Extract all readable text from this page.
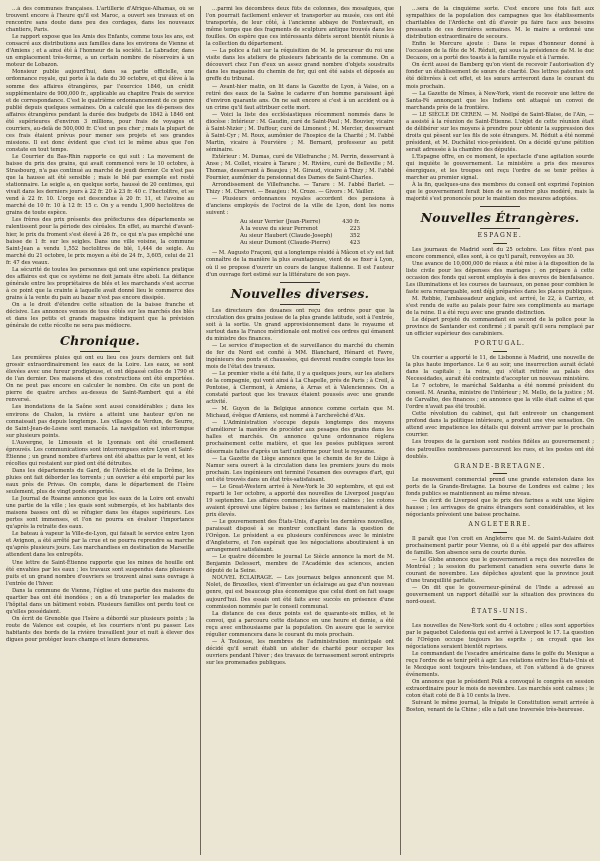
…à des communes françaises. L'artillerie d'Afrique-Alhamas, où se trouvent encore à l'heure qu'il est Maroc, a ouvert ses travaux et on rencontre sans doute dans peu des cordages, dans les nouveaux chantiers, Paris.

Le rapport expose que les Amis des Enfants, comme tous les ans, est consacré aux distributions aux familles dans les environs de Vienne et d'Amiens ; et a ainsi été à l'honneur de la société. Le Labrador, dans un emplacement très-ferme, a un certain nombre de réservoirs à un moteur de Lobazon.

Monsieur publie aujourd'hui, dans sa partie officielle, une ordonnance royale, qui porte à la date du 30 octobre, et qui élève à la somme des affaires étrangères, par l'exercice 1846, un crédit supplémentaire de 900,000 fr., applicable au chapitre Frais de service et de correspondance. C'est le quatrième ordonnancement de ce genre publié depuis quelques semaines. On a calculé que les dé-penses des affaires étrangères pendant la durée des budgets de 1842 à 1846 ont été supérieures d'environ 3 millions, pour frais de voyages et courriers, au-delà de 500,000 fr. C'est un peu cher ; mais la plupart de ces frais étaient prévus pour mener ses projets et ses grandes missions. Il est donc évident que c'est ici le même abus que l'on constate en tout temps.

Le Courrier du Bas-Rhin rapporte ce qui suit : La movement de baisse du prix des grains, qui avait commencé vers le 10 octobre, à Strasbourg, n'a pas continué au marché de jeudi dernier. Ce n'est pas que la hausse ait été sensible ; mais le blé par exemple est resté stationnaire. Le seigle a, en quelque sorte, haussé de 20 centimes, qui vivait dans les derniers jours à 22 fr. 20 à 23 fr. 40 c. l'hectolitre, et se vend à 22 fr. 10. L'orge est descendue à 20 fr. 11, et l'avoine au marché de 10 fr. 10 à 12 fr. 15 c. On y a vendu 1,900 hectolitres de grains de toute espèce.

Les frères des prix présents des préfectures des départements se ralentissent pour la période des céréales. En effet, au marché d'avant-hier, le prix du froment s'est élevé à 26 fr., ce qui n'a pas empêché une baisse de 1 fr. sur les seigles. Dans une ville voisine, la commune Saint-Jean a vendu 1,552 hectolitres de blé, 1,444 de seigle. Au marché du 21 octobre, le prix moyen a été de 24 fr., 3,605, celui de 21 fr. 47 des veaux.

La sécurité de toutes les personnes qui ont une expérience pratique des affaires est que ce système ne doit jamais être aboli. La défiance générale entre les propriétaires de blés et les marchands s'est accrue à ce point que la crainte à laquelle avait donné lieu le commerce des grains à la vente du pain au bazar n'est pas encore dissipée.

On a le droit d'étendre cette situation de la baisse franche et décisive. Les annonces venues de tous côtés sur les marchés des blés et dans les petits et grands magasins indiquent que la prévision générale de cette récolte ne sera pas médiocre.

Chronique.

Les premières pluies qui ont eu lieu ces jours derniers ont fait grossir extraordinairement les eaux de la Loire. Les eaux, se sont élevées avec une fureur prodigieuse, et ont dépassé celles de 1790 et de l'an dernier. Des maisons et des constructions ont été emportées. On ne peut pas encore en calculer le nombre. On cite un pont de pierre de quatre arches au-dessus de Saint-Rambert qui a été renversé.

Les inondations de la Saône sont aussi considérables ; dans les environs de Chalon, la rivière a atteint une hauteur qu'on ne connaissait pas depuis longtemps. Les villages de Verdun, de Seurre, de Saint-Jean-de-Losne sont menacés. La navigation est interrompue sur plusieurs points.

L'Auvergne, le Limousin et le Lyonnais ont été cruellement éprouvés. Les communications sont interrompues entre Lyon et Saint-Étienne ; un grand nombre d'arbres ont été abattus par le vent, et les récoltes qui restaient sur pied ont été détruites.

Dans les départements du Gard, de l'Ardèche et de la Drôme, les pluies ont fait déborder les torrents ; un ouvrier a été emporté par les eaux près de Privas. On compte, dans le département de l'Isère seulement, plus de vingt ponts emportés.

Le Journal de Roanne annonce que les eaux de la Loire ont envahi une partie de la ville ; les quais sont submergés, et les habitants des maisons basses ont dû se réfugier dans les étages supérieurs. Les pertes sont immenses, et l'on ne pourra en évaluer l'importance qu'après la retraite des eaux.

Le bateau à vapeur la Ville-de-Lyon, qui faisait le service entre Lyon et Avignon, a été arrêté par la crue et ne pourra reprendre sa marche qu'après plusieurs jours. Les marchandises en destination de Marseille attendent dans les entrepôts.

Une lettre de Saint-Étienne rapporte que les mines de houille ont été envahies par les eaux ; les travaux sont suspendus dans plusieurs puits et un grand nombre d'ouvriers se trouvent ainsi sans ouvrage à l'entrée de l'hiver.

Dans la commune de Vienne, l'église et une partie des maisons du quartier bas ont été inondées ; on a dû transporter les malades de l'hôpital dans un bâtiment voisin. Plusieurs familles ont perdu tout ce qu'elles possédaient.

On écrit de Grenoble que l'Isère a débordé sur plusieurs points ; la route de Valence est coupée, et les courriers n'ont pu passer. Les habitants des bords de la rivière travaillent jour et nuit à élever des digues pour protéger leurs champs et leurs demeures.

…parmi les décombres deux fûts de colonnes, des mosaïques, que l'on pourrait facilement enlever et transporter au musée, ces ont été transportés, de leur côté, à l'ancienne abbaye de Fontevrault, en même temps que des fragments de sculpture antique trouvés dans les fouilles. On espère que ces intéressants débris seront bientôt réunis à la collection du département.

— La police a fait sur la réquisition de M. le procureur du roi une visite dans les ateliers de plusieurs fabricants de la commune. On a découvert chez l'un d'eux un assez grand nombre d'objets soustraits dans les magasins du chemin de fer, qui ont été saisis et déposés au greffe du tribunal.

— Avant-hier matin, on lit dans la Gazette de Lyon, à Vaise, on a retiré des eaux de la Saône le cadavre d'un homme paraissant âgé d'environ quarante ans. On ne sait encore si c'est à un accident ou à un crime qu'il faut attribuer cette mort.

— Voici la liste des ecclésiastiques récemment nommés dans le diocèse : Intérieur : M. Gaudin, curé de Saint-Paul ; M. Bouvier, vicaire à Saint-Nizier ; M. Duffour, curé de Limonest ; M. Mercier, desservant à Saint-Cyr ; M. Roux, aumônier de l'hospice de la Charité ; M. l'abbé Martin, vicaire à Fourvière ; M. Bernard, professeur au petit séminaire.

Extérieur : M. Dumas, curé de Villefranche ; M. Perrin, desservant à Anse ; M. Collet, vicaire à Tarare ; M. Rivière, curé de Belleville ; M. Thomas, desservant à Beaujeu ; M. Giraud, vicaire à Thizy ; M. l'abbé Fournier, aumônier du pensionnat des Dames de Saint-Charles.

Arrondissement de Villefranche. — Tarare : M. l'abbé Barlet. — Thizy : M. Chervet. — Beaujeu : M. Croze. — Givors : M. Vailler.

— Plusieurs ordonnances royales accordent des pensions à d'anciens employés de l'octroi de la ville de Lyon, dont les noms suivent :

Au sieur Verrier (Jean-Pierre)	430 fr.
À la veuve du sieur Perrenot	223
Au sieur Haubert (Claude-Joseph)	352
Au sieur Dumont (Claude-Pierre)	423

— M. Augusto Fraçoni, qui a longtemps résidé à Mâcon et s'y est fait connaître de la manière la plus avantageuse, vient de se fixer à Lyon, où il se propose d'ouvrir un cours de langue italienne. Il est l'auteur d'un ouvrage fort estimé sur la littérature de son pays.

Nouvelles diverses.

Les directeurs des douanes ont reçu des ordres pour que la circulation des grains jouisse de la plus grande latitude, soit à l'entrée, soit à la sortie. Un grand approvisionnement dans le royaume et surtout dans la France méridionale ont motivé ces ordres qui émanent du ministre des finances.

— Le service d'inspection et de surveillance du marché du chemin de fer du Nord est confié à MM. Blanchard, Hénard et Favre, ingénieurs des ponts et chaussées, qui devront rendre compte tous les mois de l'état des travaux.

— Le premier visite a été faite, il y a quelques jours, sur les ateliers de la compagnie, qui vont ainsi à La Chapelle, près de Paris ; à Creil, à Pontoise, à Clermont, à Amiens, à Arras et à Valenciennes. On a constaté partout que les travaux étaient poussés avec une grande activité.

— M. Guyon de la Belgique annonce comme certain que M. Michaud, évêque d'Amiens, est nommé à l'archevêché d'Aix.

— L'Administration s'occupe depuis longtemps des moyens d'améliorer la manière de procéder aux pesages des grains dans les halles et marchés. On annonce qu'une ordonnance réglera prochainement cette matière, et que les pesées publiques seront désormais faites d'après un tarif uniforme pour tout le royaume.

— La Gazette de Liège annonce que le chemin de fer de Liège à Namur sera ouvert à la circulation dans les premiers jours du mois prochain. Les ingénieurs ont terminé l'examen des ouvrages d'art, qui ont été trouvés dans un état très-satisfaisant.

— Le Great-Western arrivé à New-York le 30 septembre, et qui est reparti le 1er octobre, a apporté des nouvelles de Liverpool jusqu'au 19 septembre. Les affaires commerciales étaient calmes ; les cotons avaient éprouvé une légère baisse ; les farines se maintenaient à des prix élevés.

— Le gouvernement des États-Unis, d'après les dernières nouvelles, paraissait disposé à se montrer conciliant dans la question de l'Orégon. Le président a eu plusieurs conférences avec le ministre d'Angleterre, et l'on espérait que les négociations aboutiraient à un arrangement satisfaisant.

— Le quatre décembre le journal Le Siècle annonce la mort de M. Benjamin Delessert, membre de l'Académie des sciences, ancien député de la Seine.

NOUVEL ÉCLAIRAGE. — Les journaux belges annoncent que M. Nolet, de Bruxelles, vient d'inventer un éclairage au gaz d'un nouveau genre, qui est beaucoup plus économique que celui dont on fait usage aujourd'hui. Des essais ont été faits avec succès en présence d'une commission nommée par le conseil communal.

La distance de ces deux points est de quarante-six milles, et le convoi, qui a parcouru cette distance en une heure et demie, a été reçu avec enthousiasme par la population. On assure que le service régulier commencera dans le courant du mois prochain.

— À Toulouse, les membres de l'administration municipale ont décidé qu'il serait établi un atelier de charité pour occuper les ouvriers pendant l'hiver ; des travaux de terrassement seront entrepris sur les promenades publiques.

…sera de la cinquième sorte. C'est encore une fois fait aux sympathies de la population des campagnes que les établissements charitables de l'Ardèche ont dû d'avoir pu faire face aux besoins pressants de ces dernières semaines. M. le maire a ordonné une distribution extraordinaire de secours.

Enfin le Mercure ajoute : Dans le repas d'honneur donné à l'occasion de la fête de M. Réduit, qui sous la présidence de M. le duc Decazes, on a porté des toasts à la famille royale et à l'armée.

On écrit aussi de Bamberg qu'on vient de recevoir l'autorisation d'y fonder un établissement de sœurs de charité. Des lettres patentes ont été délivrées à cet effet, et les sœurs arriveront dans le courant du mois prochain.

— La Gazette de Nîmes, à New-York, vient de recevoir une lettre de Santa-Fé annonçant que les Indiens ont attaqué un convoi de marchands près de la frontière.

— LE SIÈCLE DE CEREN. — M. Noëlpé de Saint-Blaise, de l'Ain, — a assisté à la réunion de Saint-Étienne. L'objet de cette réunion était de délibérer sur les moyens à prendre pour obtenir la suppression des droits qui pèsent sur les fils de soie étrangers. M. Réduit a été nommé président, et M. Duchâtel vice-président. On a décidé qu'une pétition serait adressée à la chambre des députés.

L'Espagne offre, en ce moment, le spectacle d'une agitation sourde qui inquiète le gouvernement. Le ministère a pris des mesures énergiques, et les troupes ont reçu l'ordre de se tenir prêtes à marcher au premier signal.

À la fin, quelques-uns des membres du conseil ont exprimé l'opinion que le gouvernement ferait bien de se montrer plus modéré, mais la majorité s'est prononcée pour le maintien des mesures adoptées.

Nouvelles Étrangères.
ESPAGNE.

Les journaux de Madrid sont du 25 octobre. Les fêtes n'ont pas encore commencé, elles sont, à ce qu'il paraît, renvoyées au 30.

Une avance de 10,000,000 de réaux a été mise à la disposition de la liste civile pour les dépenses des mariages ; on prépare à cette occasion des fonds qui seront employés à des œuvres de bienfaisance. Les illuminations et les courses de taureaux, on pense pour combien le faste sera remarquable, sont déjà préparées dans les places publiques.

M. Rebbie, l'ambassadeur anglais, est arrivé, le 22, à Carrizo, et s'est rendu de suite au palais pour faire ses compliments au mariage de la reine. Il a été reçu avec une grande distinction.

Le départ projeté du commandant en second de la police pour la province de Santander est confirmé ; il paraît qu'il sera remplacé par un officier supérieur des carabiniers.

PORTUGAL.

Un courrier a apporté le 11, de Lisbonne à Madrid, une nouvelle de la plus haute importance. Le 6 au soir, une insurrection aurait éclaté dans la capitale ; la reine, qui s'était retirée au palais des Necessidades, aurait été contrainte d'accepter un nouveau ministère.

Le 7 octobre, le maréchal Saldanha a été nommé président du conseil. M. Aranha, ministre de l'intérieur ; M. Mello, de la justice ; M. de Carvalho, des finances ; on annonce que la ville était calme et que l'ordre n'avait pas été troublé.

Cette révolution du cabinet, qui fait entrevoir un changement profond dans la politique intérieure, a produit une vive sensation. On attend avec impatience les détails qui doivent arriver par le prochain courrier.

Les troupes de la garnison sont restées fidèles au gouvernement ; des patrouilles nombreuses parcourent les rues, et les postes ont été doublés.

GRANDE-BRETAGNE.

Le mouvement commercial prend une grande extension dans les ports de la Grande-Bretagne. La bourse de Londres est calme ; les fonds publics se maintiennent au même niveau.

— On écrit de Liverpool que le prix des farines a subi une légère hausse ; les arrivages de grains étrangers sont considérables, et les négociants prévoient une baisse prochaine.

ANGLETERRE.

Il paraît que l'on croit en Angleterre que M. de Saint-Aulaire doit prochainement partir pour Vienne, où il a été appelé par des affaires de famille. Son absence sera de courte durée.

— Le Globe annonce que le gouvernement a reçu des nouvelles de Montréal ; la session du parlement canadien sera ouverte dans le courant de novembre. Les dépêches ajoutent que la province jouit d'une tranquillité parfaite.

— On dit que le gouverneur-général de l'Inde a adressé au gouvernement un rapport détaillé sur la situation des provinces du nord-ouest.

ÉTATS-UNIS.

Les nouvelles de New-York sont du 4 octobre ; elles sont apportées par le paquebot Caledonia qui est arrivé à Liverpool le 17. La question de l'Orégon occupe toujours les esprits ; on croyait que les négociations seraient bientôt reprises.

Le commandant de l'escadre américaine dans le golfe du Mexique a reçu l'ordre de se tenir prêt à agir. Les relations entre les États-Unis et le Mexique sont toujours très-tendues, et l'on s'attend à de graves événements.

On annonce que le président Polk a convoqué le congrès en session extraordinaire pour le mois de novembre. Les marchés sont calmes ; le coton était coté de 8 à 10 cents la livre.

Suivant le même journal, la frégate le Constitution serait arrivée à Boston, venant de la Chine ; elle a fait une traversée très-heureuse.
